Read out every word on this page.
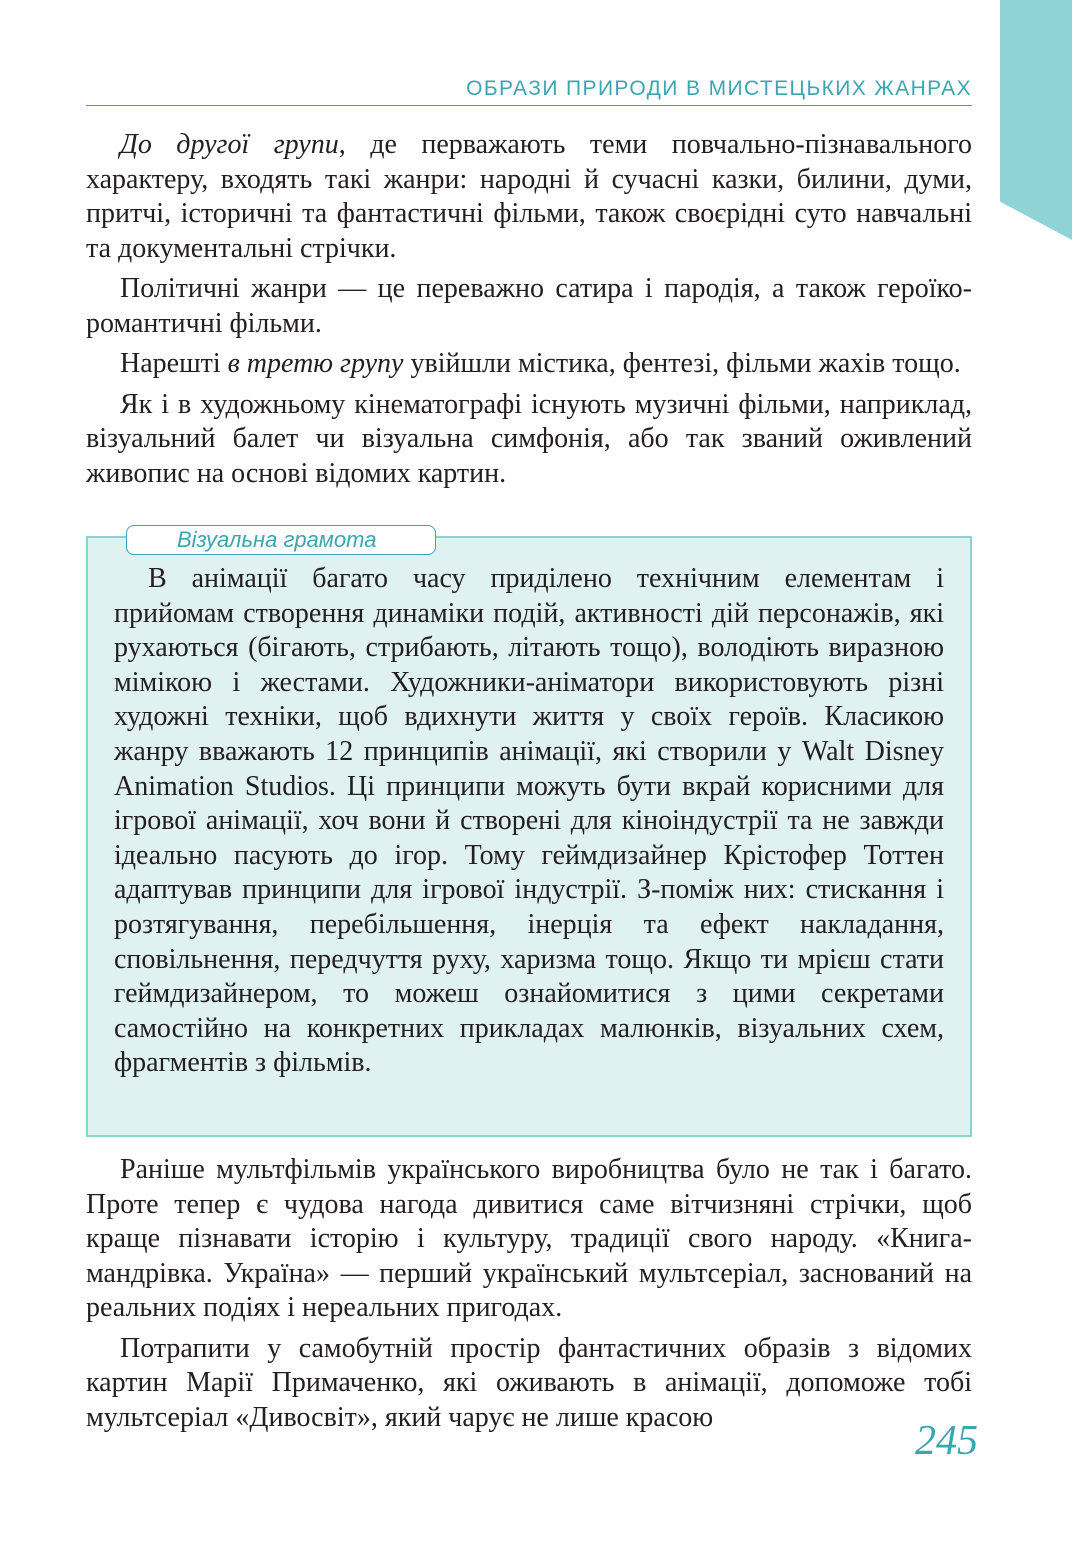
ОБРАЗИ ПРИРОДИ В МИСТЕЦЬКИХ ЖАНРАХ

До другої групи, де перважають теми повчально-пізнавального характеру, входять такі жанри: народні й сучасні казки, билини, думи, притчі, історичні та фантастичні фільми, також своєрідні суто навчальні та документальні стрічки.

Політичні жанри — це переважно сатира і пародія, а також героїко-романтичні фільми.

Нарешті в третю групу увійшли містика, фентезі, фільми жахів тощо.

Як і в художньому кінематографі існують музичні фільми, наприклад, візуальний балет чи візуальна симфонія, або так званий оживлений живопис на основі відомих картин.

Візуальна грамота

В анімації багато часу приділено технічним елементам і прийомам створення динаміки подій, активності дій персонажів, які рухаються (бігають, стрибають, літають тощо), володіють виразною мімікою і жестами. Художники-аніматори використовують різні художні техніки, щоб вдихнути життя у своїх героїв. Класикою жанру вважають 12 принципів анімації, які створили у Walt Disney Animation Studios. Ці принципи можуть бути вкрай корисними для ігрової анімації, хоч вони й створені для кіноіндустрії та не завжди ідеально пасують до ігор. Тому геймдизайнер Крістофер Тоттен адаптував принципи для ігрової індустрії. З-поміж них: стискання і розтягування, перебільшення, інерція та ефект накладання, сповільнення, передчуття руху, харизма тощо. Якщо ти мрієш стати геймдизайнером, то можеш ознайомитися з цими секретами самостійно на конкретних прикладах малюнків, візуальних схем, фрагментів з фільмів.

Раніше мультфільмів українського виробництва було не так і багато. Проте тепер є чудова нагода дивитися саме вітчизняні стрічки, щоб краще пізнавати історію і культуру, традиції свого народу. «Книга-мандрівка. Україна» — перший український мультсеріал, заснований на реальних подіях і нереальних пригодах.

Потрапити у самобутній простір фантастичних образів з відомих картин Марії Примаченко, які оживають в анімації, допоможе тобі мультсеріал «Дивосвіт», який чарує не лише красою

245
